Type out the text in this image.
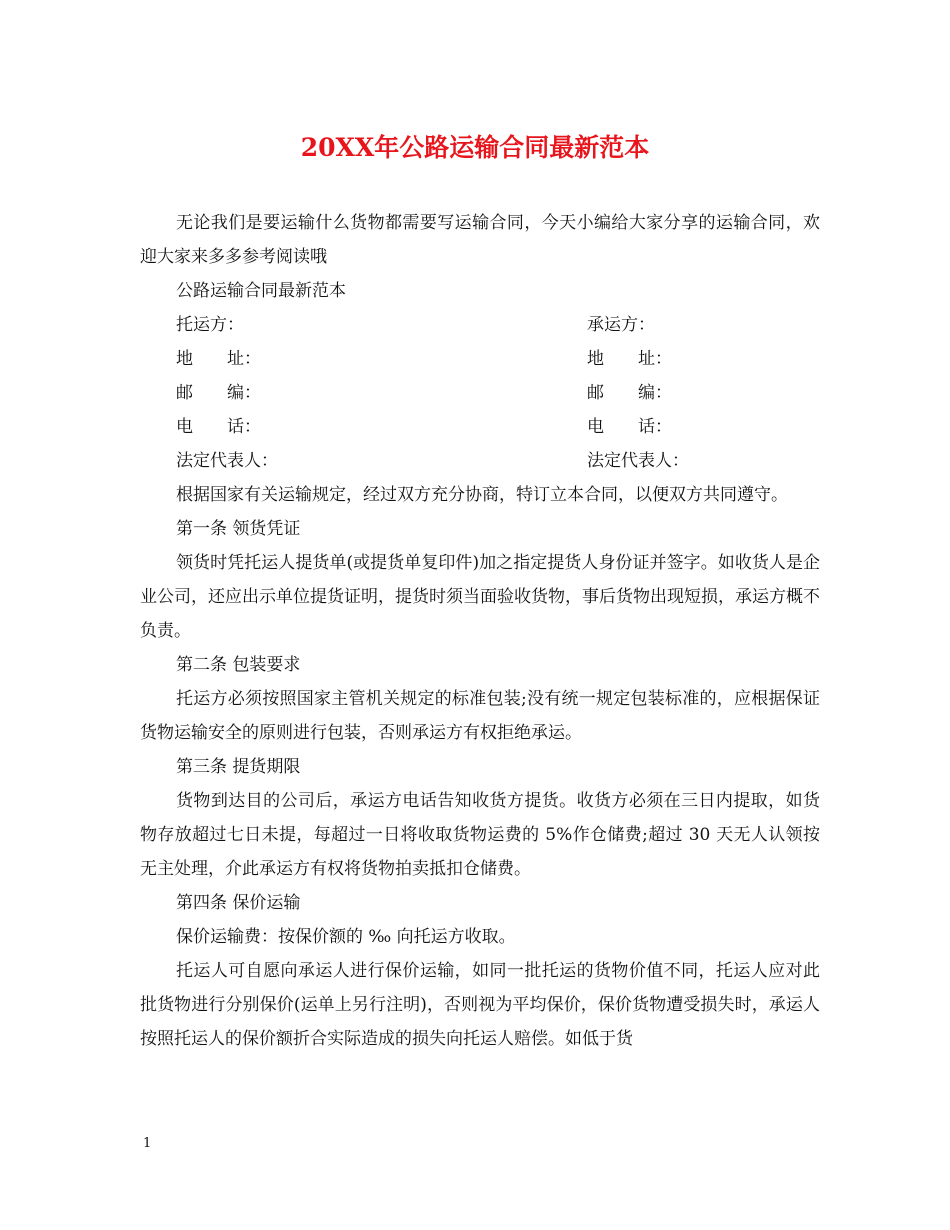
20XX年公路运输合同最新范本

无论我们是要运输什么货物都需要写运输合同，今天小编给大家分享的运输合同，欢迎大家来多多参考阅读哦

公路运输合同最新范本

托运方：	承运方：
地　　址：	地　　址：
邮　　编：	邮　　编：
电　　话：	电　　话：
法定代表人：	法定代表人：

根据国家有关运输规定，经过双方充分协商，特订立本合同，以便双方共同遵守。

第一条 领货凭证

领货时凭托运人提货单(或提货单复印件)加之指定提货人身份证并签字。如收货人是企业公司，还应出示单位提货证明，提货时须当面验收货物，事后货物出现短损，承运方概不负责。

第二条 包装要求

托运方必须按照国家主管机关规定的标准包装;没有统一规定包装标准的，应根据保证货物运输安全的原则进行包装，否则承运方有权拒绝承运。

第三条 提货期限

货物到达目的公司后，承运方电话告知收货方提货。收货方必须在三日内提取，如货物存放超过七日未提，每超过一日将收取货物运费的 5%作仓储费;超过 30 天无人认领按无主处理，介此承运方有权将货物拍卖抵扣仓储费。

第四条 保价运输

保价运输费：按保价额的 ‰ 向托运方收取。

托运人可自愿向承运人进行保价运输，如同一批托运的货物价值不同，托运人应对此批货物进行分别保价(运单上另行注明)，否则视为平均保价，保价货物遭受损失时，承运人按照托运人的保价额折合实际造成的损失向托运人赔偿。如低于货

1
